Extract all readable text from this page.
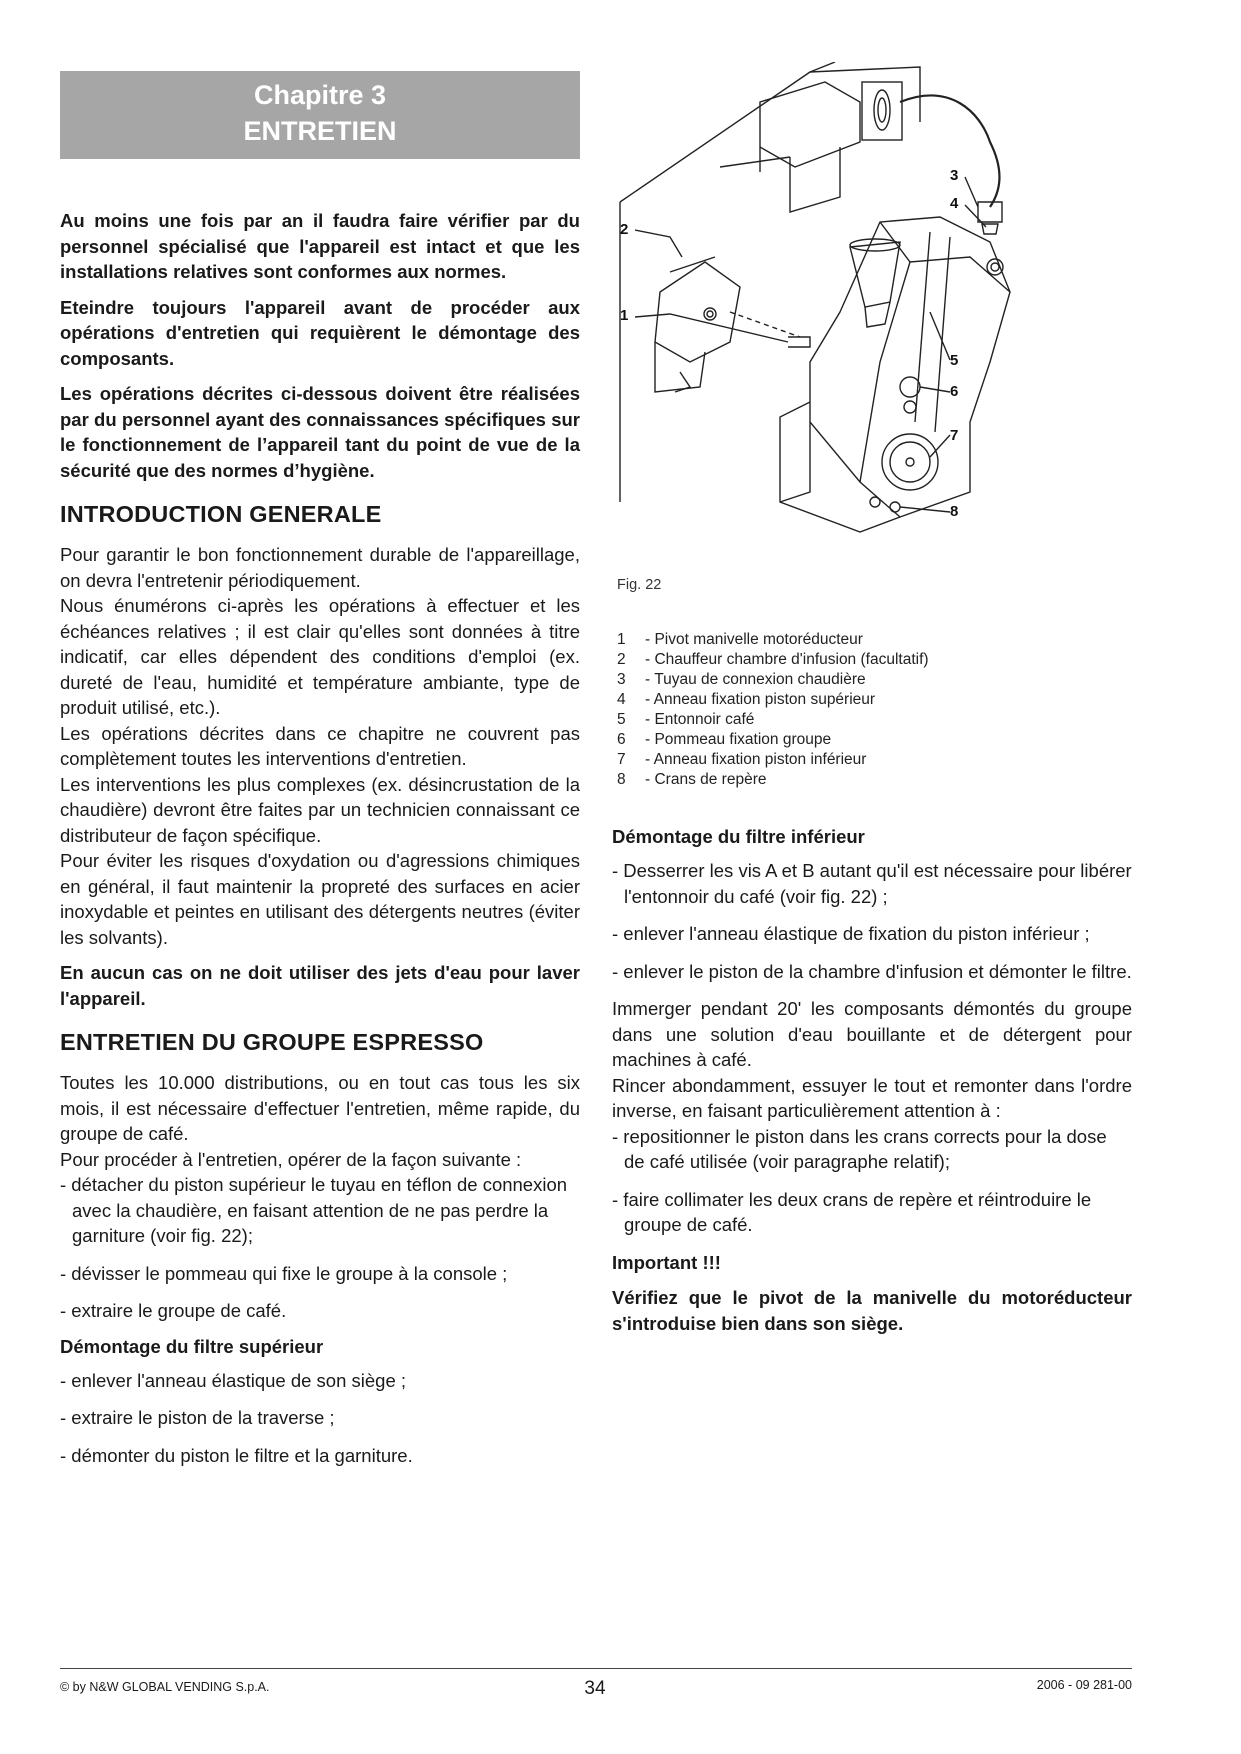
Chapitre 3
ENTRETIEN

Au moins une fois par an il faudra faire vérifier par du personnel spécialisé que l'appareil est intact et que les installations relatives sont conformes aux normes.

Eteindre toujours l'appareil avant de procéder aux opérations d'entretien qui requièrent le démontage des composants.

Les opérations décrites ci-dessous doivent être réalisées par du personnel ayant des connaissances spécifiques sur le fonctionnement de l’appareil tant du point de vue de la sécurité que des normes d’hygiène.

INTRODUCTION GENERALE

Pour garantir le bon fonctionnement durable de l'appareillage, on devra l'entretenir périodiquement.

Nous énumérons ci-après les opérations à effectuer et les échéances relatives ; il est clair qu'elles sont données à titre indicatif, car elles dépendent des conditions d'emploi (ex. dureté de l'eau, humidité et température ambiante, type de produit utilisé, etc.).

Les opérations décrites dans ce chapitre ne couvrent pas complètement toutes les interventions d'entretien.

Les interventions les plus complexes (ex. désincrustation de la chaudière) devront être faites par un technicien connaissant ce distributeur de façon spécifique.

Pour éviter les risques d'oxydation ou d'agressions chimiques en général, il faut maintenir la propreté des surfaces en acier inoxydable et peintes en utilisant des détergents neutres (éviter les solvants).

En aucun cas on ne doit utiliser des jets d'eau pour laver l'appareil.

ENTRETIEN DU GROUPE ESPRESSO

Toutes les 10.000 distributions, ou en tout cas tous les six mois, il est nécessaire d'effectuer l'entretien, même rapide, du groupe de café.

Pour procéder à l'entretien, opérer de la façon suivante :

- détacher du piston supérieur le tuyau en téflon de connexion avec la chaudière, en faisant attention de ne pas perdre la garniture (voir fig. 22);
- dévisser le pommeau qui fixe le groupe à la console ;
- extraire le groupe de café.
Démontage du filtre supérieur
- enlever l'anneau élastique de son siège ;
- extraire le piston de la traverse ;
- démonter du piston le filtre et la garniture.
3
4
2
1
5
6
7
8
Fig. 22
1	- Pivot manivelle motoréducteur
2	- Chauffeur chambre d'infusion (facultatif)
3	- Tuyau de connexion chaudière
4	- Anneau fixation piston supérieur
5	- Entonnoir café
6	- Pommeau fixation groupe
7	- Anneau fixation piston inférieur
8	- Crans de repère
Démontage du filtre inférieur
- Desserrer les vis A et B autant qu'il est nécessaire pour libérer l'entonnoir du café (voir fig. 22) ;
- enlever l'anneau élastique de fixation du piston inférieur ;
- enlever le piston de la chambre d'infusion et démonter le filtre.

Immerger pendant 20' les composants démontés du groupe dans une solution d'eau bouillante et de détergent pour machines à café.

Rincer abondamment, essuyer le tout et remonter dans l'ordre inverse, en faisant particulièrement attention à :

- repositionner le piston dans les crans corrects pour la dose de café utilisée (voir paragraphe relatif);
- faire collimater les deux crans de repère et réintroduire le groupe de café.

Important !!!

Vérifiez que le pivot de la manivelle du motoréducteur s'introduise bien dans son siège.

© by N&W GLOBAL VENDING S.p.A.	34	2006 - 09 281-00
